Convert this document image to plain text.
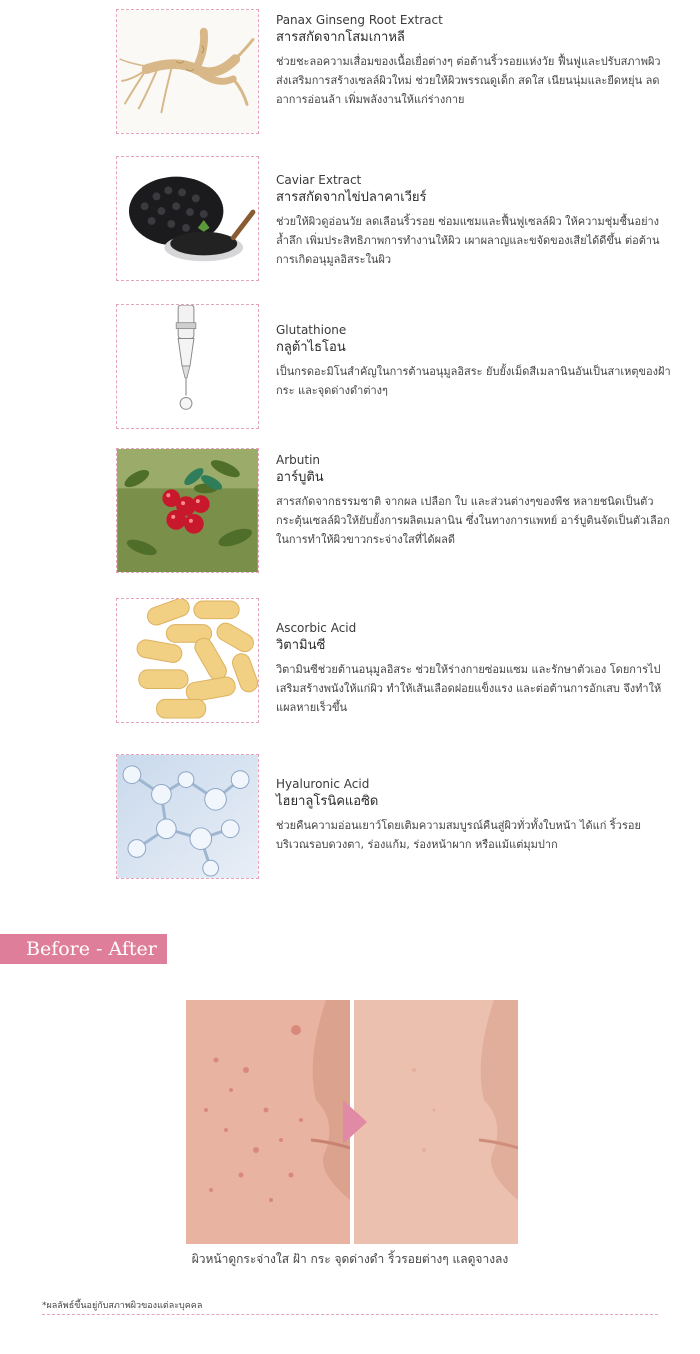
Panax Ginseng Root Extract
สารสกัดจากโสมเกาหลี
ช่วยชะลอความเสื่อมของเนื้อเยื่อต่างๆ ต่อต้านริ้วรอยแห่งวัย ฟื้นฟูและปรับสภาพผิว ส่งเสริมการสร้างเซลล์ผิวใหม่ ช่วยให้ผิวพรรณดูเด็ก สดใส เนียนนุ่มและยืดหยุ่น ลดอาการอ่อนล้า เพิ่มพลังงานให้แก่ร่างกาย
Caviar Extract
สารสกัดจากไข่ปลาคาเวียร์
ช่วยให้ผิวดูอ่อนวัย ลดเลือนริ้วรอย ซ่อมแซมและฟื้นฟูเซลล์ผิว ให้ความชุ่มชื้นอย่างล้ำลึก เพิ่มประสิทธิภาพการทำงานให้ผิว เผาผลาญและขจัดของเสียได้ดีขึ้น ต่อต้านการเกิดอนุมูลอิสระในผิว
Glutathione
กลูต้าไธโอน
เป็นกรดอะมิโนสำคัญในการต้านอนุมูลอิสระ ยับยั้งเม็ดสีเมลานินอันเป็นสาเหตุของฝ้า กระ และจุดด่างดำต่างๆ
Arbutin
อาร์บูติน
สารสกัดจากธรรมชาติ จากผล เปลือก ใบ และส่วนต่างๆของพืช หลายชนิดเป็นตัวกระตุ้นเซลล์ผิวให้ยับยั้งการผลิตเมลานิน ซึ่งในทางการแพทย์ อาร์บูตินจัดเป็นตัวเลือกในการทำให้ผิวขาวกระจ่างใสที่ได้ผลดี
Ascorbic Acid
วิตามินซี
วิตามินซีช่วยต้านอนุมูลอิสระ ช่วยให้ร่างกายซ่อมแซม และรักษาตัวเอง โดยการไปเสริมสร้างพนังให้แก่ผิว ทำให้เส้นเลือดฝอยแข็งแรง และต่อต้านการอักเสบ จึงทำให้แผลหายเร็วขึ้น
Hyaluronic Acid
ไฮยาลูโรนิคแอซิด
ช่วยคืนความอ่อนเยาว์โดยเติมความสมบูรณ์คืนสู่ผิวทั่วทั้งใบหน้า ได้แก่ ริ้วรอยบริเวณรอบดวงตา, ร่องแก้ม, ร่องหน้าผาก หรือแม้แต่มุมปาก
Before - After
ผิวหน้าดูกระจ่างใส ฝ้า กระ จุดด่างดำ ริ้วรอยต่างๆ แลดูจางลง
*ผลลัพธ์ขึ้นอยู่กับสภาพผิวของแต่ละบุคคล
